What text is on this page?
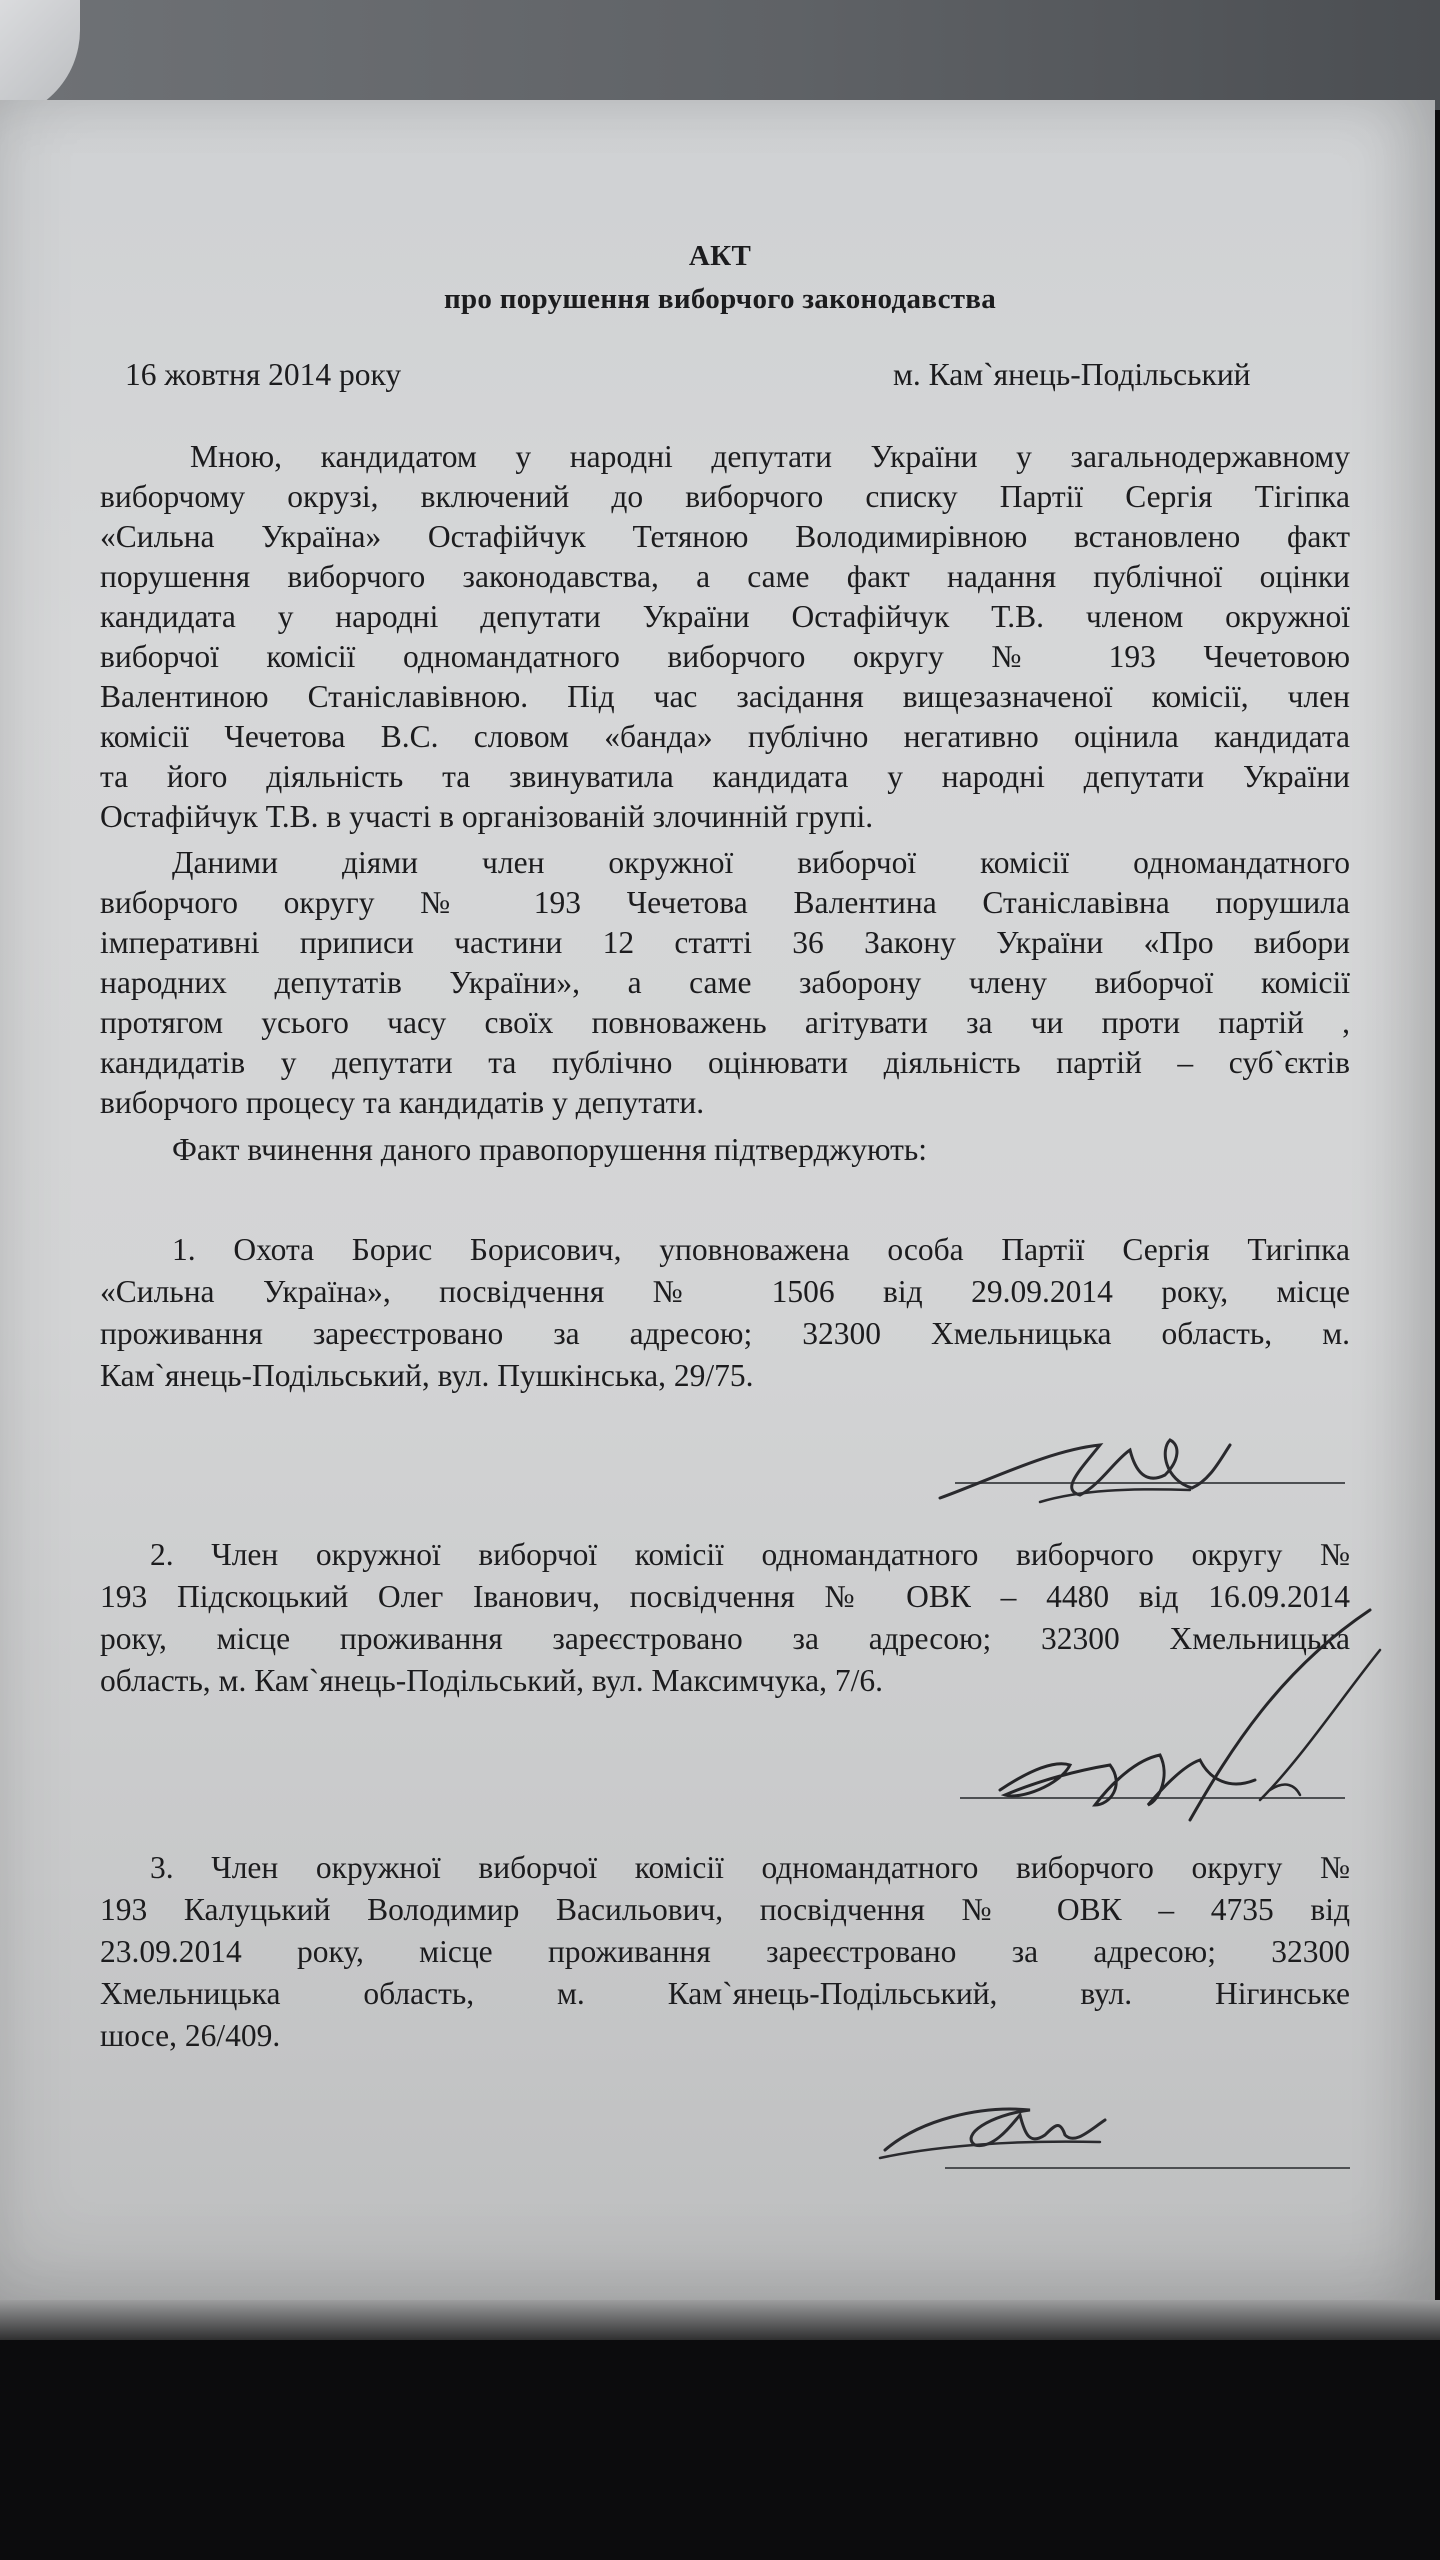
АКТ
про порушення виборчого законодавства
16 жовтня 2014 року	м. Кам`янець-Подільський
Мною, кандидатом у народні депутати України у загальнодержавному
виборчому окрузі, включений до виборчого списку Партії Сергія Тігіпка
«Сильна Україна» Остафійчук Тетяною Володимирівною встановлено факт
порушення виборчого законодавства, а саме факт надання публічної оцінки
кандидата у народні депутати України Остафійчук Т.В. членом окружної
виборчої комісії одномандатного виборчого округу № 193 Чечетовою
Валентиною Станіславівною. Під час засідання вищезазначеної комісії, член
комісії Чечетова В.С. словом «банда» публічно негативно оцінила кандидата
та його діяльність та звинуватила кандидата у народні депутати України
Остафійчук Т.В. в участі в організованій злочинній групі.
Даними діями член окружної виборчої комісії одномандатного
виборчого округу № 193 Чечетова Валентина Станіславівна порушила
імперативні приписи частини 12 статті 36 Закону України «Про вибори
народних депутатів України», а саме заборону члену виборчої комісії
протягом усього часу своїх повноважень агітувати за чи проти партій ,
кандидатів у депутати та публічно оцінювати діяльність партій – суб`єктів
виборчого процесу та кандидатів у депутати.
Факт вчинення даного правопорушення підтверджують:
1. Охота Борис Борисович, уповноважена особа Партії Сергія Тигіпка
«Сильна Україна», посвідчення № 1506 від 29.09.2014 року, місце
проживання зареєстровано за адресою; 32300 Хмельницька область, м.
Кам`янець-Подільський, вул. Пушкінська, 29/75.
2. Член окружної виборчої комісії одномандатного виборчого округу №
193 Підскоцький Олег Іванович, посвідчення № ОВК – 4480 від 16.09.2014
року, місце проживання зареєстровано за адресою; 32300 Хмельницька
область, м. Кам`янець-Подільський, вул. Максимчука, 7/6.
3. Член окружної виборчої комісії одномандатного виборчого округу №
193 Калуцький Володимир Васильович, посвідчення № ОВК – 4735 від
23.09.2014 року, місце проживання зареєстровано за адресою; 32300
Хмельницька область, м. Кам`янець-Подільський, вул. Нігинське
шосе, 26/409.
